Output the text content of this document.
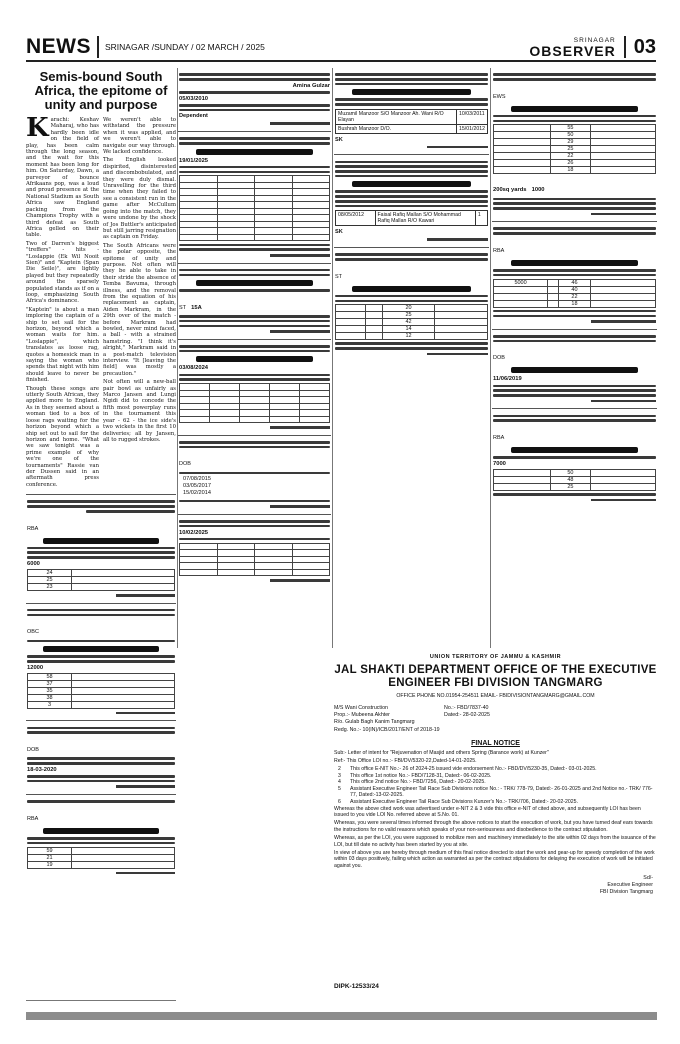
NEWS	SRINAGAR /SUNDAY / 02 MARCH / 2025
SRINAGAR
OBSERVER 03
Semis-bound South Africa, the epitome of unity and purpose
K arachi: Keshav Maharaj, who has hardly been idle on the field of play, has been calm through the long season, and the wait for this moment has been long for him. On Saturday, Dawn, a purveyor of bounce Afrikaans pop, was a loud and proud presence at the National Stadium as South Africa saw England packing from the Champions Trophy with a third defeat as South Africa gelled on their table.

Two of Darren's biggest "treffers" - hits - "Loslappie (Ek Wil Nooit Sien)" and "Kaptein (Span Die Seile)", are lightly played but they repeatedly around the sparsely populated stands as if on a loop, emphasizing South Africa's dominance.

"Kaptein" is about a man imploring the captain of a ship to set sail for the horizon, beyond which a woman waits for him. "Loslappie", which translates as loose rag, quotes a homesick man in saying the woman who spends that night with him should leave to never be finished.

Though these songs are utterly South African, they applied more to England. As in they seemed about a woman tied to a box of loose rags waiting for the horizon beyond which a ship set out to sail for the horizon and home. "What we saw tonight was a prime example of why we're one of the tournaments" Rassie van der Dussen said in an aftermath press conference.

We weren't able to withstand the pressure when it was applied, and we weren't able to navigate our way through. We lacked confidence.

The English looked dispirited, disinterested and discombobulated, and they were duly dismal. Unravelling for the third time when they failed to see a consistent run in the game after McCullum going into the match, they were undone by the shock of Jos Buttler's anticipated but still jarring resignation as captain on Friday.

The South Africans were the polar opposite, the epitome of unity and purpose. Not often will they be able to take in their stride the absence of Temba Bavuma, through illness, and the removal from the equation of his replacement as captain, Aiden Markram, in the 29th over of the match - before Markram had bowled, never mind faced, a ball - with a strained hamstring. "I think it's alright," Markram said in a post-match television interview. "It [leaving the field] was mostly a precaution."

Not often will a new-ball pair bowl as unfairly as Marco Jansen and Lungi Ngidi did to concede the fifth most powerplay runs in the tournament this year - 62 - the ice side's two wickets in the first 10 deliveries; all by Jansen, all to rugged strokes.

RBA
6000
24	
25	
23	
OBC
12000
58	
37	
35	
38	
3	
DOB
18-03-2020
RBA
59	
21	
19	
Amina Gulzar
05/03/2010
Dependent
19/01/2025

ST 15A
03/08/2024

DOB
07/08/2015
03/05/2017
15/02/2014
10/02/2025

Muzamil Manzoor S/O Manzoor Ah. Wani R/O Elayan	10/03/2011
Bushrah Manzoor D/O.	15/01/2012
SK
08/05/2012	Faisal Rafiq Mallan S/O Mohammad Rafiq Mallan R/O Kawari	1
SK
ST
		20	
		25	
		42	
		14	
		12	
EWS
	55	
	50	
	29	
	25	
	22	
	26	
	18	
200sq yards 1000
RBA
5000		46	
		40	
		22	
		18	
DOB
11/06/2019
RBA
7000
	50	
	48	
	25	
UNION TERRITORY OF JAMMU & KASHMIR
JAL SHAKTI DEPARTMENT OFFICE OF THE EXECUTIVE
ENGINEER FBI DIVISION TANGMARG
OFFICE PHONE NO.01954-254511 EMAIL- FBIDIVISIONTANGMARG@GMAIL.COM
M/S Wani Construction	No.:- FBD/7837-40
Prop.:- Mubeena Akhter	Dated:- 28-02-2025
R/o. Gulab Bagh Kanim Tangmarg
Redg. No.:- 10(IN)/ICB/2017/ENT of 2018-19
FINAL NOTICE
Sub:- Letter of intent for "Rejuvenation of Masjid and others Spring (Barance work) at Kunzer"
Ref:- This Office LOI no.:- FBI/DV/5320-22,Dated-14-01-2025.
2	This office E-NIT No.:- 26 of 2024-25 issued vide endorsement No.:- FBD/DV/5230-35, Dated:- 03-01-2025.
3	This office 1st notice No.:- FBD/7128-31, Dated:- 06-02-2025.
4	This office 2nd notice No.:- FBD/7256, Dated:- 20-02-2025.
5	Assistant Executive Engineer Tail Race Sub Divisions notice No.: - TRK/ 778-79, Dated:- 26-01-2025 and 2nd Notice no.- TRK/ 776-77, Dated:-13-02-2025.
6	Assistant Executive Engineer Tail Race Sub Divisions Kunzer's No.:- TRK/706, Dated:- 20-02-2025.
Whereas the above cited work was advertised under e-NIT 2 & 3 vide this office e-NIT of cited above, and subsequently LOI has been issued to you vide LOI No. referred above at S.No. 01.
Whereas, you were several times informed through the above notices to start the execution of work, but you have turned deaf ears towards the instructions for no valid reasons which speaks of your non-seriousness and disobedience to the contract stipulation.
Whereas, as per the LOI, you were supposed to mobilize men and machinery immediately to the site within 02 days from the issuance of the LOI, but till date no activity has been started by you at site.
In view of above you are hereby through medium of this final notice directed to start the work and gear-up for speedy completion of the work within 03 days positively, failing which action as warranted as per the contract stipulations for delaying the execution of work will be initiated against you.
Sd/-
Executive Engineer
FBI Division Tangmarg
DIPK-12533/24
